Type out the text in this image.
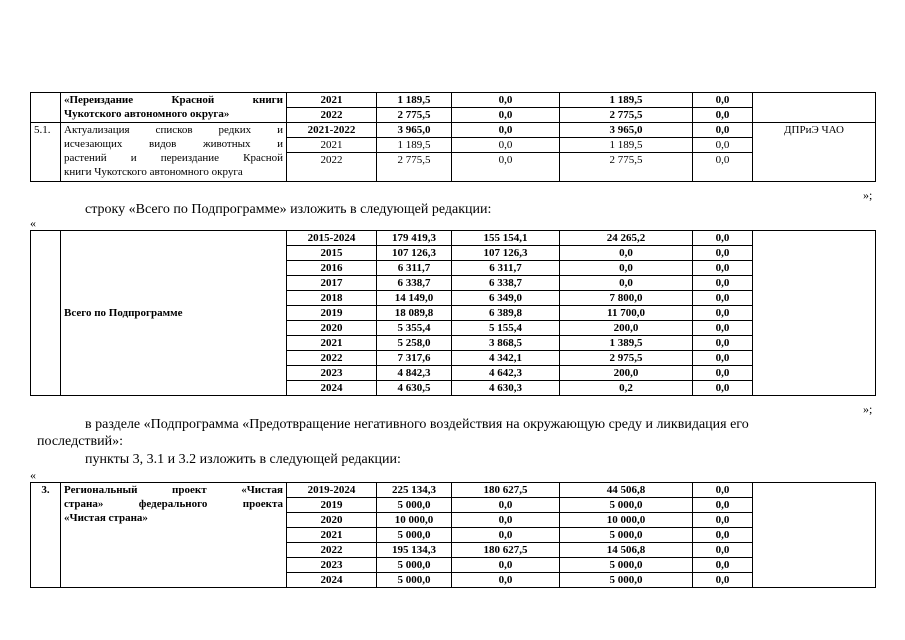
	«Переиздание Красной книги
Чукотского автономного округа»	2021	1 189,5	0,0	1 189,5	0,0	
		2022	2 775,5	0,0	2 775,5	0,0	
5.1.	Актуализация списков редких и
исчезающих видов животных и
растений и переиздание Красной
книги Чукотского автономного округа	2021-2022	3 965,0	0,0	3 965,0	0,0	ДПРиЭ ЧАО
		2021	1 189,5	0,0	1 189,5	0,0	
		2022	2 775,5	0,0	2 775,5	0,0	
»;
строку «Всего по Подпрограмме» изложить в следующей редакции:
«
	Всего по Подпрограмме	2015-2024	179 419,3	155 154,1	24 265,2	0,0	
		2015	107 126,3	107 126,3	0,0	0,0	
		2016	6 311,7	6 311,7	0,0	0,0	
		2017	6 338,7	6 338,7	0,0	0,0	
		2018	14 149,0	6 349,0	7 800,0	0,0	
		2019	18 089,8	6 389,8	11 700,0	0,0	
		2020	5 355,4	5 155,4	200,0	0,0	
		2021	5 258,0	3 868,5	1 389,5	0,0	
		2022	7 317,6	4 342,1	2 975,5	0,0	
		2023	4 842,3	4 642,3	200,0	0,0	
		2024	4 630,5	4 630,3	0,2	0,0	
»;
в разделе «Подпрограмма «Предотвращение негативного воздействия на окружающую среду и ликвидация его
последствий»:
пункты 3, 3.1 и 3.2 изложить в следующей редакции:
«
3.	Региональный проект «Чистая
страна» федерального проекта
«Чистая страна»	2019-2024	225 134,3	180 627,5	44 506,8	0,0	
		2019	5 000,0	0,0	5 000,0	0,0	
		2020	10 000,0	0,0	10 000,0	0,0	
		2021	5 000,0	0,0	5 000,0	0,0	
		2022	195 134,3	180 627,5	14 506,8	0,0	
		2023	5 000,0	0,0	5 000,0	0,0	
		2024	5 000,0	0,0	5 000,0	0,0	
